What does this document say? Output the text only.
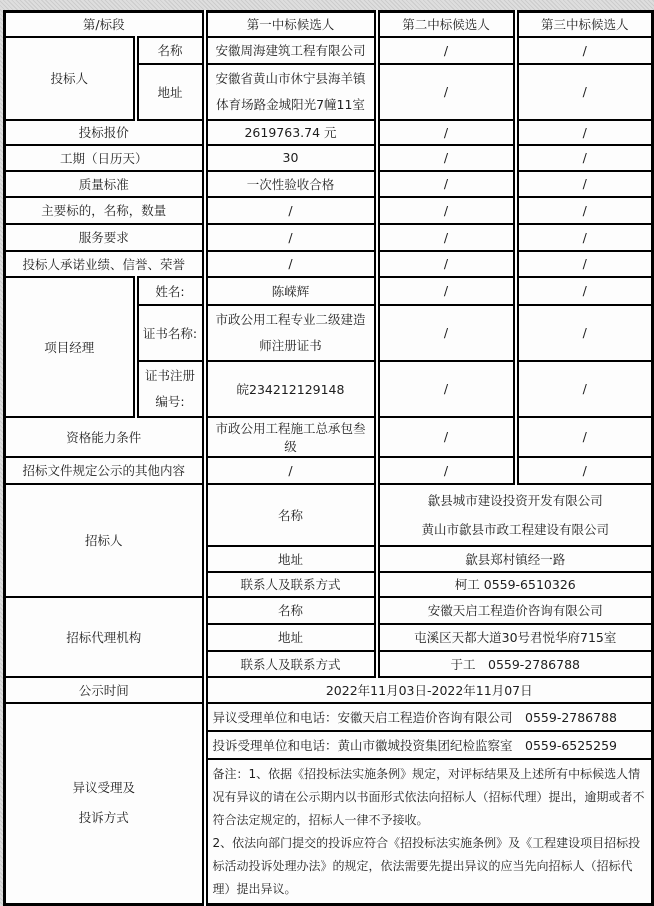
第/标段		第一中标候选人	第二中标候选人	第三中标候选人
投标人	名称	安徽周海建筑工程有限公司	/	/
	地址	安徽省黄山市休宁县海羊镇体育场路金城阳光7幢11室	/	/
投标报价		2619763.74 元	/	/
工期（日历天）		30	/	/
质量标准		一次性验收合格	/	/
主要标的，名称，数量		/	/	/
服务要求		/	/	/
投标人承诺业绩、信誉、荣誉		/	/	/
项目经理	姓名:	陈嵘辉	/	/
	证书名称:	市政公用工程专业二级建造师注册证书	/	/
	证书注册编号:	皖234212129148	/	/
资格能力条件		市政公用工程施工总承包叁级	/	/
招标文件规定公示的其他内容		/	/	/
招标人		名称	歙县城市建设投资开发有限公司
黄山市歙县市政工程建设有限公司	

		地址	歙县郑村镇经一路	
		联系人及联系方式	柯工 0559-6510326	
招标代理机构		名称	安徽天启工程造价咨询有限公司	
		地址	屯溪区天都大道30号君悦华府715室	
		联系人及联系方式	于工　0559-2786788	
公示时间		2022年11月03日-2022年11月07日		

异议受理及
投诉方式		异议受理单位和电话：安徽天启工程造价咨询有限公司　0559-2786788		
		投诉受理单位和电话：黄山市徽城投资集团纪检监察室　0559-6525259		

		备注：1、依据《招投标法实施条例》规定，对评标结果及上述所有中标候选人情况有异议的请在公示期内以书面形式依法向招标人（招标代理）提出，逾期或者不符合法定规定的，招标人一律不予接收。

2、依法向部门提交的投诉应符合《招投标法实施条例》及《工程建设项目招标投标活动投诉处理办法》的规定，依法需要先提出异议的应当先向招标人（招标代理）提出异议。		
